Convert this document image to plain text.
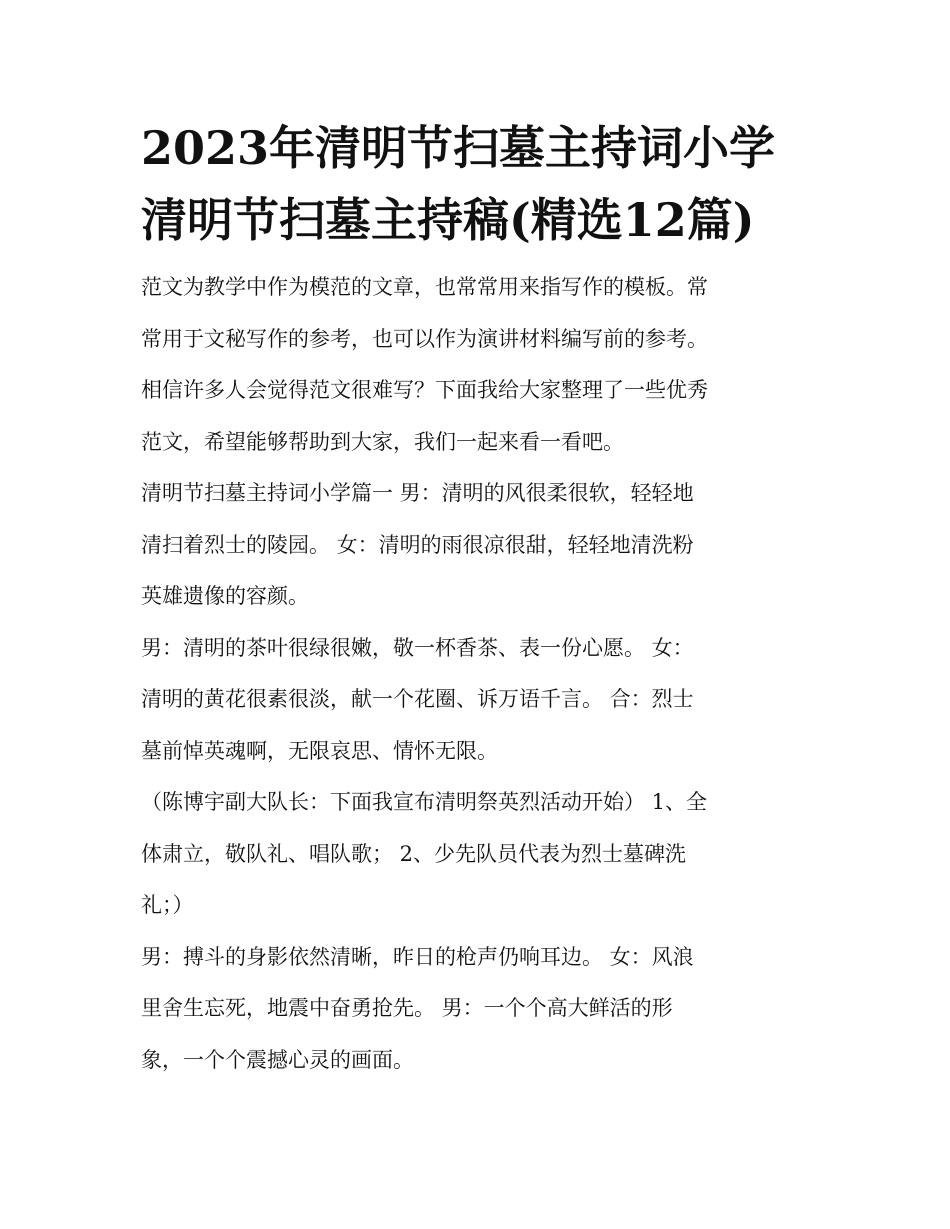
2023年清明节扫墓主持词小学
清明节扫墓主持稿(精选12篇)

范文为教学中作为模范的文章，也常常用来指写作的模板。常
常用于文秘写作的参考，也可以作为演讲材料编写前的参考。
相信许多人会觉得范文很难写？下面我给大家整理了一些优秀
范文，希望能够帮助到大家，我们一起来看一看吧。

清明节扫墓主持词小学篇一 男：清明的风很柔很软，轻轻地
清扫着烈士的陵园。 女：清明的雨很凉很甜，轻轻地清洗粉
英雄遗像的容颜。

男：清明的茶叶很绿很嫩，敬一杯香茶、表一份心愿。 女：
清明的黄花很素很淡，献一个花圈、诉万语千言。 合：烈士
墓前悼英魂啊，无限哀思、情怀无限。

（陈博宇副大队长：下面我宣布清明祭英烈活动开始） 1、全
体肃立，敬队礼、唱队歌； 2、少先队员代表为烈士墓碑洗
礼；）

男：搏斗的身影依然清晰，昨日的枪声仍响耳边。 女：风浪
里舍生忘死，地震中奋勇抢先。 男：一个个高大鲜活的形
象，一个个震撼心灵的画面。
